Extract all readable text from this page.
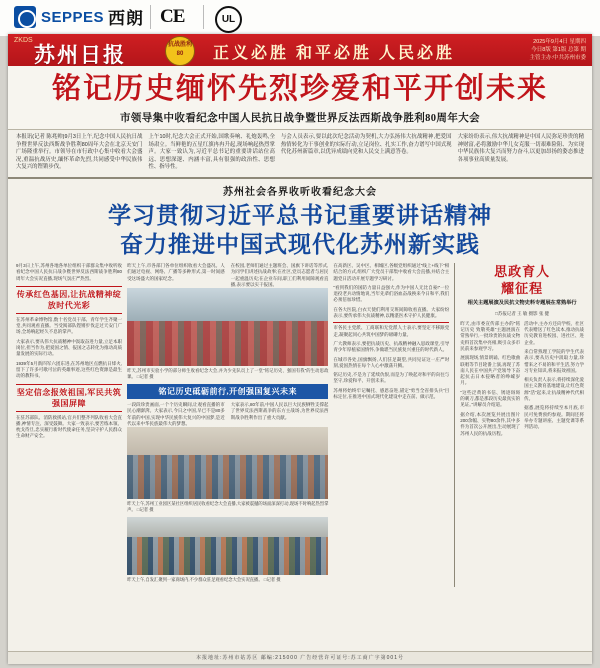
SEPPES 西朗 CE	UL
ZKDS
苏州日报	抗战胜利 80	正义必胜 和平必胜 人民必胜
2025年9月4日 星期四
今日8版 第1版 总第 期
主管主办:中共苏州市委
铭记历史缅怀先烈珍爱和平开创未来
市领导集中收看纪念中国人民抗日战争暨世界反法西斯战争胜利80周年大会
本报讯(记者 陈兆帅)9月3日上午,纪念中国人民抗日战争暨世界反法西斯战争胜利80周年大会在北京天安门广场隆重举行。市领导在市行政中心集中收看大会盛况,重温抗战历史,缅怀革命先烈,共同感受中华民族伟大复兴的铿锵步伐。
上午10时,纪念大会正式开始,国歌奏响、礼炮轰鸣,全场肃立。当鲜艳的五星红旗冉冉升起,现场响起热烈掌声。大家一致认为,习近平总书记的重要讲话站位高远、思想深邃、内涵丰富,具有很强的政治性、思想性、指导性。
与会人员表示,要以此次纪念活动为契机,大力弘扬伟大抗战精神,把爱国热情转化为干事创业的实际行动,立足岗位、扎实工作,奋力谱写中国式现代化苏州新篇章,以优异成绩向党和人民交上满意答卷。
大家纷纷表示,伟大抗战精神是中国人民弥足珍贵的精神财富,必将激励中华儿女克服一切艰难险阻、为实现中华民族伟大复兴而努力奋斗,以更加昂扬的姿态推进各项事业高质量发展。
苏州社会各界收听收看纪念大会
学习贯彻习近平总书记重要讲话精神
奋力推进中国式现代化苏州新实践

9月3日上午,苏州各地各单位组织干部群众集中收听收看纪念中国人民抗日战争暨世界反法西斯战争胜利80周年大会实况直播,现场气氛庄严热烈。

传承红色基因,让抗战精神绽放时代光彩

在苏州革命博物馆,数十名党员干部、青年学生齐聚一堂,共同观看直播。当受阅部队铿锵步伐走过天安门广场,全场响起经久不息的掌声。

大家表示,要从伟大抗战精神中汲取奋进力量,立足本职岗位,担当作为,把爱国之情、报国之志转化为推动高质量发展的实际行动。

1939年5月新四军六团东进,在苏州地区点燃抗日烽火,留下了许多可歌可泣的英雄事迹,这些红色资源是最生动的教科书。

坚定信念报效祖国,军民共筑强国屏障

在驻苏部队、消防救援站,官兵们整齐列队收看大会直播,神情专注、深受鼓舞。大家一致表示,要苦练本领、枕戈待旦,忠实履行新时代使命任务,坚决守护人民群众生命财产安全。

昨天上午,市各部门各单位组织收看大会盛况。人们通过电视、网络、广播等多种形式,第一时间感受这场盛大的国家纪念。

在校园,老师们通过主题班会、国旗下讲话等形式,为同学们讲述抗战故事;在社区,党员志愿者与居民一起重温历史;在企业车间,职工们利用间隙观看直播,表示要以实干报国。

昨天,苏州市实验小学的部分师生收看纪念大会,并为少先队员上了一堂“铭记历史、强国有我”的生动思政课。 □记者 摄
铭记历史砥砺前行,开创强国复兴未来

一段段珍贵画面,一个个历史瞬间,让观看直播的市民心潮澎湃。大家表示,今日之中国,早已不是80多年前的中国,实现中华民族伟大复兴的中国梦,是近代以来中华民族最伟大的梦想。

大家表示,80年前,中国人民以巨大民族牺牲支撑起了世界反法西斯战争的东方主战场,为世界反法西斯战争胜利作出了重大贡献。

昨天上午,苏州工业园区某社区组织居民收看纪念大会直播,大家被震撼的场面深深打动,现场不时响起热烈掌声。 □记者 摄
昨天上午,自发汇聚到一家商场内,不少群众驻足观看纪念大会实况直播。 □记者 摄

在高新区、吴中区、相城区,各级党组织通过“线上+线下”相结合的方式,组织广大党员干部集中收看大会直播,并结合主题党日活动开展专题学习研讨。

“看到我们的国防力量日益强大,作为中国人无比自豪!”一位退役老兵动情地说,当年先辈们浴血奋战换来今日和平,我们必须倍加珍惜。

在各大医院,白衣天使们利用交班间隙收看直播。大家纷纷表示,要传承伟大抗战精神,以精湛医术守护人民健康。

市各民主党派、工商联和无党派人士表示,要坚定不移跟党走,凝聚起同心共筑中国梦的磅礴力量。

广大教师表示,要把抗战历史、抗战精神融入思政课堂,引导青少年厚植家国情怀,争做堪当民族复兴重任的时代新人。

在城市各处,国旗飘扬,人们驻足凝望,共同见证这一庄严时刻,爱国热情在每个人心中激荡升腾。

铭记历史,不是为了延续仇恨,而是为了唤起对和平的向往与坚守,珍爱和平、开创未来。

苏州将始终牢记嘱托、感恩奋进,锚定“勇当全省排头兵”目标定位,在推进中国式现代化建设中走在前、做示范。

思政育人
耀征程
相关主题展演及民抗文物史料专题展在常熟举行
□苏报记者 王 敏 摄影 张 健

昨天,由市委宣传部主办的“铭记历史 致敬英雄”主题展演在常熟举行,一批珍贵的抗战文物史料首次集中亮相,吸引众多市民前来参观学习。

展演现场,情景朗诵、红色歌曲联唱等节目轮番上演,再现了苏南人民在中国共产党领导下奋起抗击日本侵略者的峥嵘岁月。

“这些泛黄的书信、锈迹斑斑的刺刀,都是那段历史最真实的见证。”讲解员介绍道。

据介绍,本次展览共展出图片200余幅、实物80余件,其中多件为首次公开展出,生动展现了苏州人民的抗战历程。

活动中,主办方还向学校、社区代表赠送了红色读本,推动抗战历史教育进校园、进社区、进企业。

来自常熟理工学院的学生代表表示,要从历史中汲取力量,珍惜来之不易的和平生活,努力学习专业知识,将来报效祖国。

相关负责人表示,将持续深化爱国主义教育基地建设,让红色资源“活”起来,让抗战精神代代相传。

据悉,展览将持续至本月底,市民可免费预约参观。期间还将举办专题讲座、主题党课等系列活动。

本报地址:苏州市姑苏区 邮编:215000 广告经营许可证号:苏工商广字第001号
